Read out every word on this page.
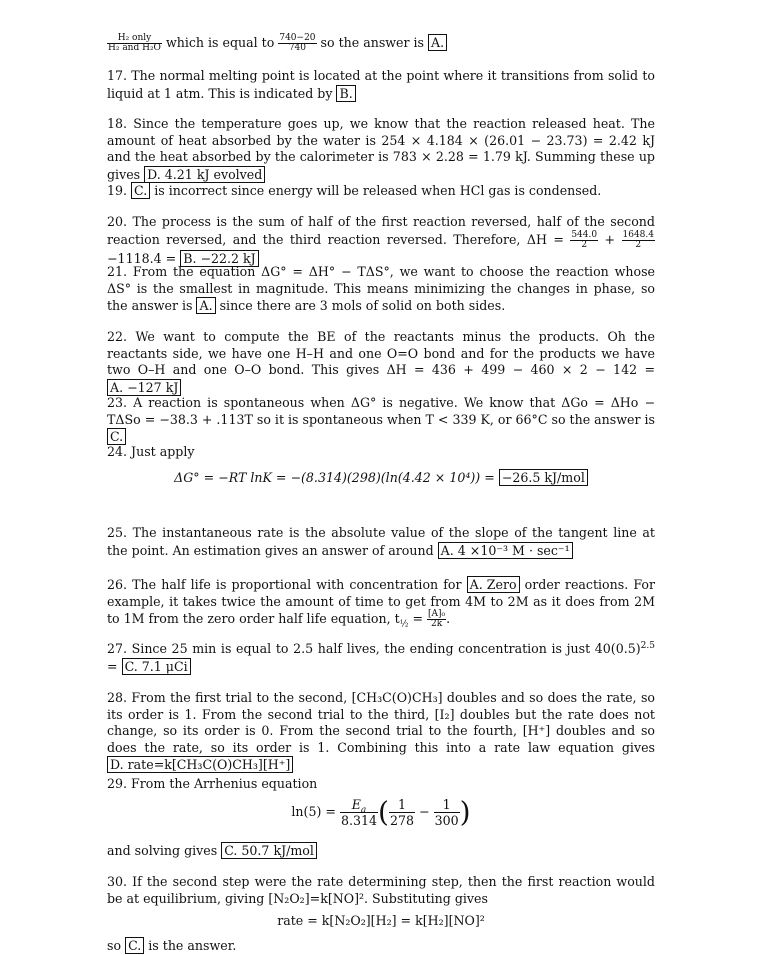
$\frac{\text{H₂ only}}{\text{H₂ and H₂O}}$ which is equal to $\frac{740-20}{740}$ so the answer is A.

17. The normal melting point is located at the point where it transitions from solid to liquid at 1 atm. This is indicated by B.

18. Since the temperature goes up, we know that the reaction released heat. The amount of heat absorbed by the water is 254 × 4.184 × (26.01 − 23.73) = 2.42 kJ and the heat absorbed by the calorimeter is 783 × 2.28 = 1.79 kJ. Summing these up gives D. 4.21 kJ evolved

19. C. is incorrect since energy will be released when HCl gas is condensed.

20. The process is the sum of half of the first reaction reversed, half of the second reaction reversed, and the third reaction reversed. Therefore, $\Delta H = \frac{544.0}{2} + \frac{1648.4}{2}$
−1118.4 = B. −22.2 kJ

21. From the equation ΔG° = ΔH° − TΔS°, we want to choose the reaction whose ΔS° is the smallest in magnitude. This means minimizing the changes in phase, so the answer is A. since there are 3 mols of solid on both sides.

22. We want to compute the BE of the reactants minus the products. Oh the reactants side, we have one H–H and one O=O bond and for the products we have two O–H and one O–O bond. This gives ΔH = 436 + 499 − 460 × 2 − 142 = A. −127 kJ

23. A reaction is spontaneous when ΔG° is negative. We know that ΔGo = ΔHo − TΔSo = −38.3 + .113T so it is spontaneous when T < 339 K, or 66°C so the answer is C.

24. Just apply

ΔG° = −RT lnK = −(8.314)(298)(ln(4.42 × 10⁴)) = −26.5 kJ/mol

25. The instantaneous rate is the absolute value of the slope of the tangent line at the point. An estimation gives an answer of around A. 4 ×10⁻³ M · sec⁻¹

26. The half life is proportional with concentration for A. Zero order reactions. For example, it takes twice the amount of time to get from 4M to 2M as it does from 2M to 1M from the zero order half life equation, $t_{\frac{1}{2}} = \frac{\text{[A]₀}}{2k}$ .

27. Since 25 min is equal to 2.5 half lives, the ending concentration is just $40(0.5)^{2.5} = C$. 7.1 μCi

28. From the first trial to the second, [CH₃C(O)CH₃] doubles and so does the rate, so its order is 1. From the second trial to the third, [I₂] doubles but the rate does not change, so its order is 0. From the second trial to the fourth, [H⁺] doubles and so does the rate, so its order is 1. Combining this into a rate law equation gives D. rate=k[CH₃C(O)CH₃][H⁺]

29. From the Arrhenius equation

$\ln(5) = \frac{E_a}{8.314}$ ( $\frac{1}{278} - \frac{1}{300}$ )

and solving gives C. 50.7 kJ/mol

30. If the second step were the rate determining step, then the first reaction would be at equilibrium, giving [N₂O₂]=k[NO]². Substituting gives

rate = k[N₂O₂][H₂] = k[H₂][NO]²

so C. is the answer.
